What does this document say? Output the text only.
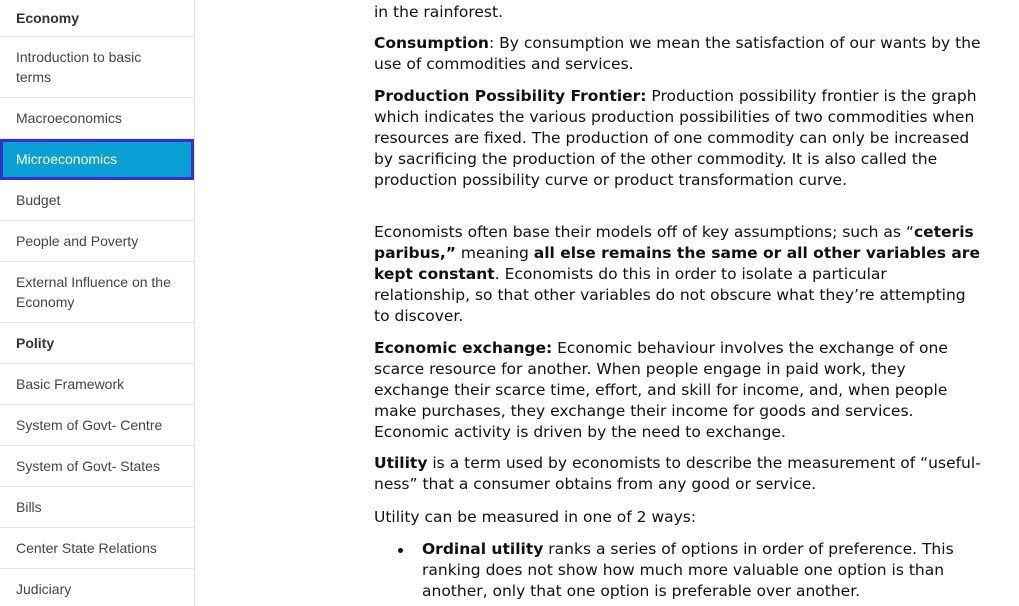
Economy
Introduction to basic terms
Macroeconomics
Microeconomics
Budget
People and Poverty
External Influence on the Economy
Polity
Basic Framework
System of Govt- Centre
System of Govt- States
Bills
Center State Relations
Judiciary

in the rainforest.

Consumption: By consumption we mean the satisfaction of our wants by the use of commodities and services.

Production Possibility Frontier: Production possibility frontier is the graph which indicates the various production possibilities of two commodities when resources are fixed. The production of one commodity can only be increased by sacrificing the production of the other commodity. It is also called the production possibility curve or product transformation curve.

Economists often base their models off of key assumptions; such as “ceteris paribus,” meaning all else remains the same or all other variables are kept constant. Economists do this in order to isolate a particular relationship, so that other variables do not obscure what they’re attempting to discover.

Economic exchange: Economic behaviour involves the exchange of one scarce resource for another. When people engage in paid work, they exchange their scarce time, effort, and skill for income, and, when people make purchases, they exchange their income for goods and services. Economic activity is driven by the need to exchange.

Utility is a term used by economists to describe the measurement of “useful-ness” that a consumer obtains from any good or service.

Utility can be measured in one of 2 ways:

Ordinal utility ranks a series of options in order of preference. This ranking does not show how much more valuable one option is than another, only that one option is preferable over another.
